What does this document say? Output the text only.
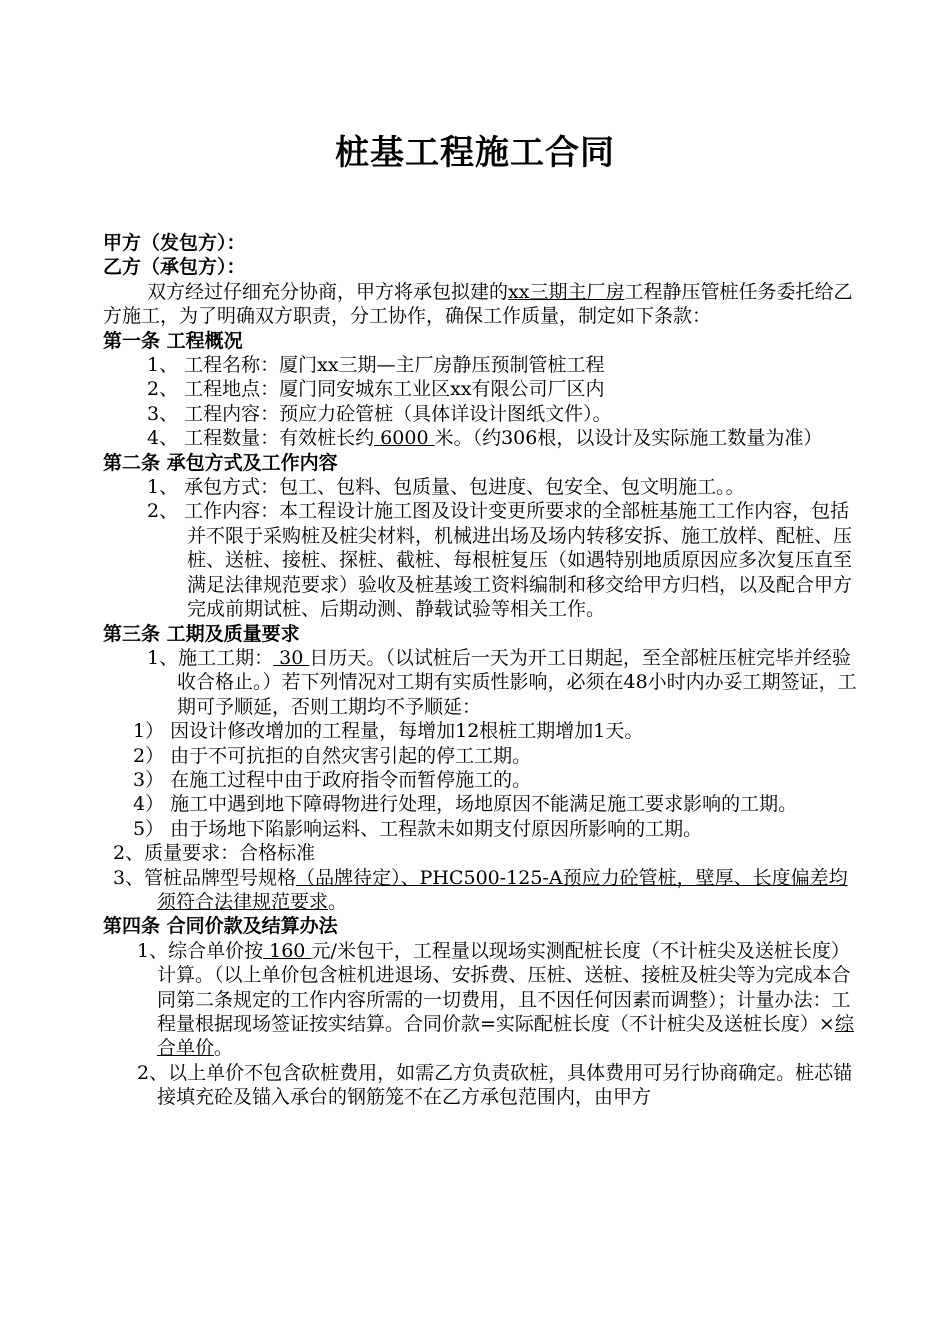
桩基工程施工合同

甲方（发包方）：

乙方（承包方）：

双方经过仔细充分协商，甲方将承包拟建的xx三期主厂房工程静压管桩任务委托给乙方施工，为了明确双方职责，分工协作，确保工作质量，制定如下条款：

第一条 工程概况

1、 工程名称：厦门xx三期—主厂房静压预制管桩工程

2、 工程地点：厦门同安城东工业区xx有限公司厂区内

3、 工程内容：预应力砼管桩（具体详设计图纸文件）。

4、 工程数量：有效桩长约 6000 米。（约306根，以设计及实际施工数量为准）

第二条 承包方式及工作内容

1、 承包方式：包工、包料、包质量、包进度、包安全、包文明施工。。

2、 工作内容：本工程设计施工图及设计变更所要求的全部桩基施工工作内容，包括并不限于采购桩及桩尖材料，机械进出场及场内转移安拆、施工放样、配桩、压桩、送桩、接桩、探桩、截桩、每根桩复压（如遇特别地质原因应多次复压直至满足法律规范要求）验收及桩基竣工资料编制和移交给甲方归档，以及配合甲方完成前期试桩、后期动测、静载试验等相关工作。

第三条 工期及质量要求

1、施工工期： 30 日历天。（以试桩后一天为开工日期起，至全部桩压桩完毕并经验收合格止。）若下列情况对工期有实质性影响，必须在48小时内办妥工期签证，工期可予顺延，否则工期均不予顺延：

1） 因设计修改增加的工程量，每增加12根桩工期增加1天。

2） 由于不可抗拒的自然灾害引起的停工工期。

3） 在施工过程中由于政府指令而暂停施工的。

4） 施工中遇到地下障碍物进行处理，场地原因不能满足施工要求影响的工期。

5） 由于场地下陷影响运料、工程款未如期支付原因所影响的工期。

2、质量要求：合格标准

3、管桩品牌型号规格（品牌待定）、PHC500-125-A预应力砼管桩，壁厚、长度偏差均须符合法律规范要求。

第四条 合同价款及结算办法

1、综合单价按 160 元/米包干，工程量以现场实测配桩长度（不计桩尖及送桩长度）计算。（以上单价包含桩机进退场、安拆费、压桩、送桩、接桩及桩尖等为完成本合同第二条规定的工作内容所需的一切费用，且不因任何因素而调整）；计量办法：工程量根据现场签证按实结算。合同价款=实际配桩长度（不计桩尖及送桩长度）×综合单价。

2、以上单价不包含砍桩费用，如需乙方负责砍桩，具体费用可另行协商确定。桩芯锚接填充砼及锚入承台的钢筋笼不在乙方承包范围内，由甲方
